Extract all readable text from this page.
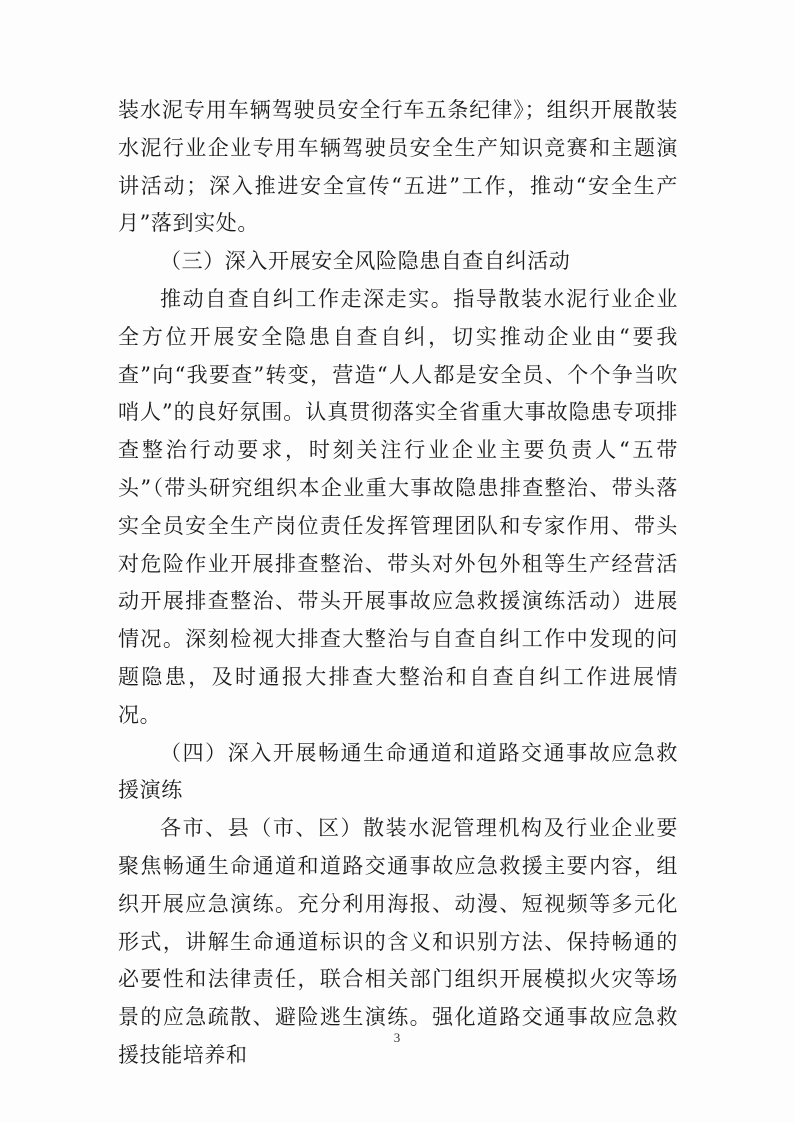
装水泥专用车辆驾驶员安全行车五条纪律》；组织开展散装水泥行业企业专用车辆驾驶员安全生产知识竞赛和主题演讲活动；深入推进安全宣传“五进”工作，推动“安全生产月”落到实处。

（三）深入开展安全风险隐患自查自纠活动

推动自查自纠工作走深走实。指导散装水泥行业企业全方位开展安全隐患自查自纠，切实推动企业由“要我查”向“我要查”转变，营造“人人都是安全员、个个争当吹哨人”的良好氛围。认真贯彻落实全省重大事故隐患专项排查整治行动要求，时刻关注行业企业主要负责人“五带头”（带头研究组织本企业重大事故隐患排查整治、带头落实全员安全生产岗位责任发挥管理团队和专家作用、带头对危险作业开展排查整治、带头对外包外租等生产经营活动开展排查整治、带头开展事故应急救援演练活动）进展情况。深刻检视大排查大整治与自查自纠工作中发现的问题隐患，及时通报大排查大整治和自查自纠工作进展情况。

（四）深入开展畅通生命通道和道路交通事故应急救援演练

各市、县（市、区）散装水泥管理机构及行业企业要聚焦畅通生命通道和道路交通事故应急救援主要内容，组织开展应急演练。充分利用海报、动漫、短视频等多元化形式，讲解生命通道标识的含义和识别方法、保持畅通的必要性和法律责任，联合相关部门组织开展模拟火灾等场景的应急疏散、避险逃生演练。强化道路交通事故应急救援技能培养和

3
